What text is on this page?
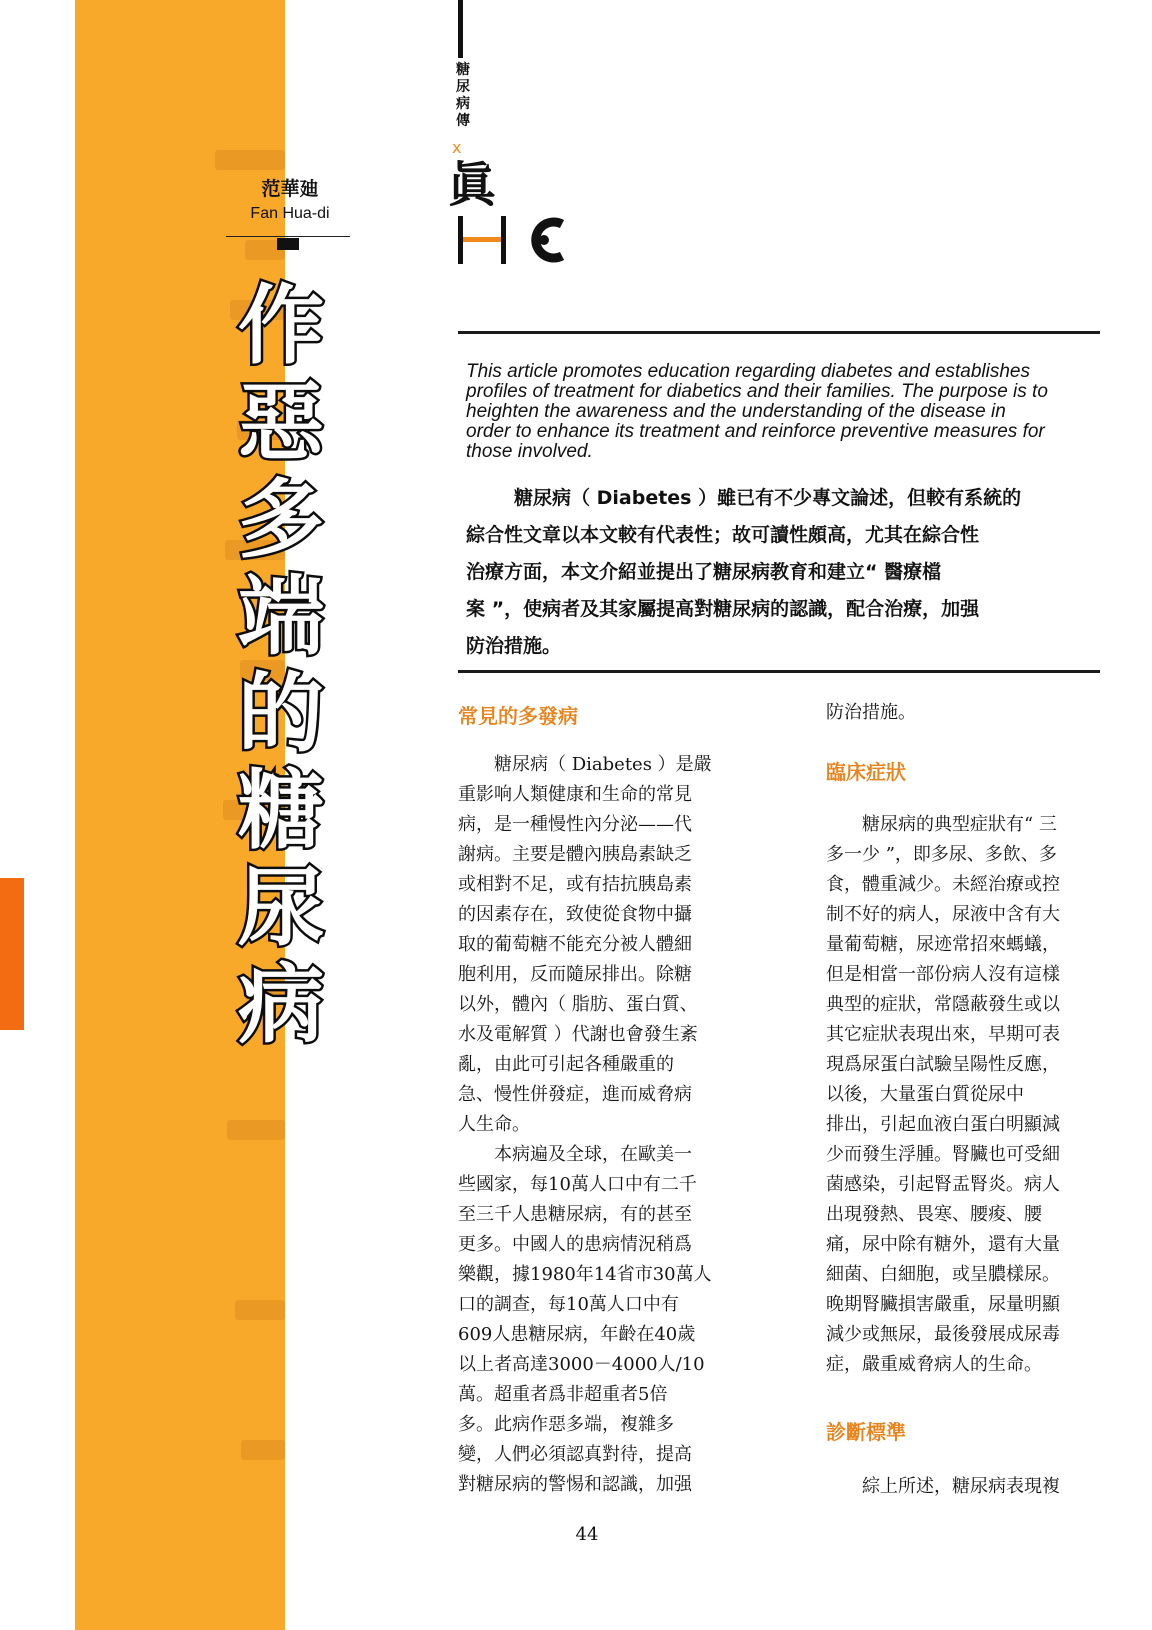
范華廸
Fan Hua-di
作
惡
多
端
的
糖
尿
病
糖
尿
病
傳
x
眞
This article promotes education regarding diabetes and establishes
profiles of treatment for diabetics and their families. The purpose is to
heighten the awareness and the understanding of the disease in
order to enhance its treatment and reinforce preventive measures for
those involved.
糖尿病（ Diabetes ）雖已有不少專文論述，但較有系統的
綜合性文章以本文較有代表性；故可讀性頗高，尤其在綜合性
治療方面，本文介紹並提出了糖尿病教育和建立“ 醫療檔
案 ”，使病者及其家屬提高對糖尿病的認識，配合治療，加强
防治措施。
常見的多發病
糖尿病（ Diabetes ）是嚴
重影响人類健康和生命的常見
病，是一種慢性內分泌——代
謝病。主要是體內胰島素缺乏
或相對不足，或有拮抗胰島素
的因素存在，致使從食物中攝
取的葡萄糖不能充分被人體細
胞利用，反而隨尿排出。除糖
以外，體內（ 脂肪、蛋白質、
水及電解質 ）代謝也會發生紊
亂，由此可引起各種嚴重的
急、慢性併發症，進而威脅病
人生命。
本病遍及全球，在歐美一
些國家，每10萬人口中有二千
至三千人患糖尿病，有的甚至
更多。中國人的患病情況稍爲
樂觀，據1980年14省市30萬人
口的調查，每10萬人口中有
609人患糖尿病，年齡在40歲
以上者高達3000－4000人/10
萬。超重者爲非超重者5倍
多。此病作惡多端，複雜多
變，人們必須認真對待，提高
對糖尿病的警惕和認識，加强
防治措施。
臨床症狀
糖尿病的典型症狀有“ 三
多一少 ”，即多尿、多飲、多
食，體重減少。未經治療或控
制不好的病人，尿液中含有大
量葡萄糖，尿迹常招來螞蟻，
但是相當一部份病人沒有這樣
典型的症狀，常隱蔽發生或以
其它症狀表現出來，早期可表
現爲尿蛋白試驗呈陽性反應，
以後，大量蛋白質從尿中
排出，引起血液白蛋白明顯減
少而發生浮腫。腎臟也可受細
菌感染，引起腎盂腎炎。病人
出現發熱、畏寒、腰痠、腰
痛，尿中除有糖外，還有大量
細菌、白細胞，或呈膿樣尿。
晚期腎臟損害嚴重，尿量明顯
減少或無尿，最後發展成尿毒
症，嚴重威脅病人的生命。
診斷標準
綜上所述，糖尿病表現複
44
